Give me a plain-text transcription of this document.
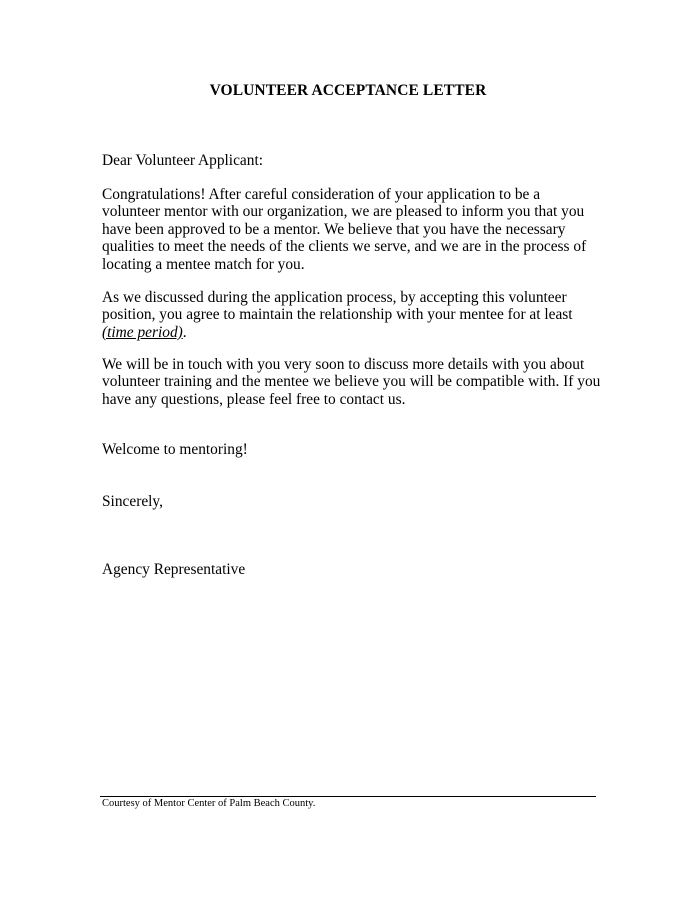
VOLUNTEER ACCEPTANCE LETTER
Dear Volunteer Applicant:
Congratulations! After careful consideration of your application to be a volunteer mentor with our organization, we are pleased to inform you that you have been approved to be a mentor. We believe that you have the necessary qualities to meet the needs of the clients we serve, and we are in the process of locating a mentee match for you.
As we discussed during the application process, by accepting this volunteer position, you agree to maintain the relationship with your mentee for at least (time period).
We will be in touch with you very soon to discuss more details with you about volunteer training and the mentee we believe you will be compatible with. If you have any questions, please feel free to contact us.
Welcome to mentoring!
Sincerely,
Agency Representative
Courtesy of Mentor Center of Palm Beach County.
